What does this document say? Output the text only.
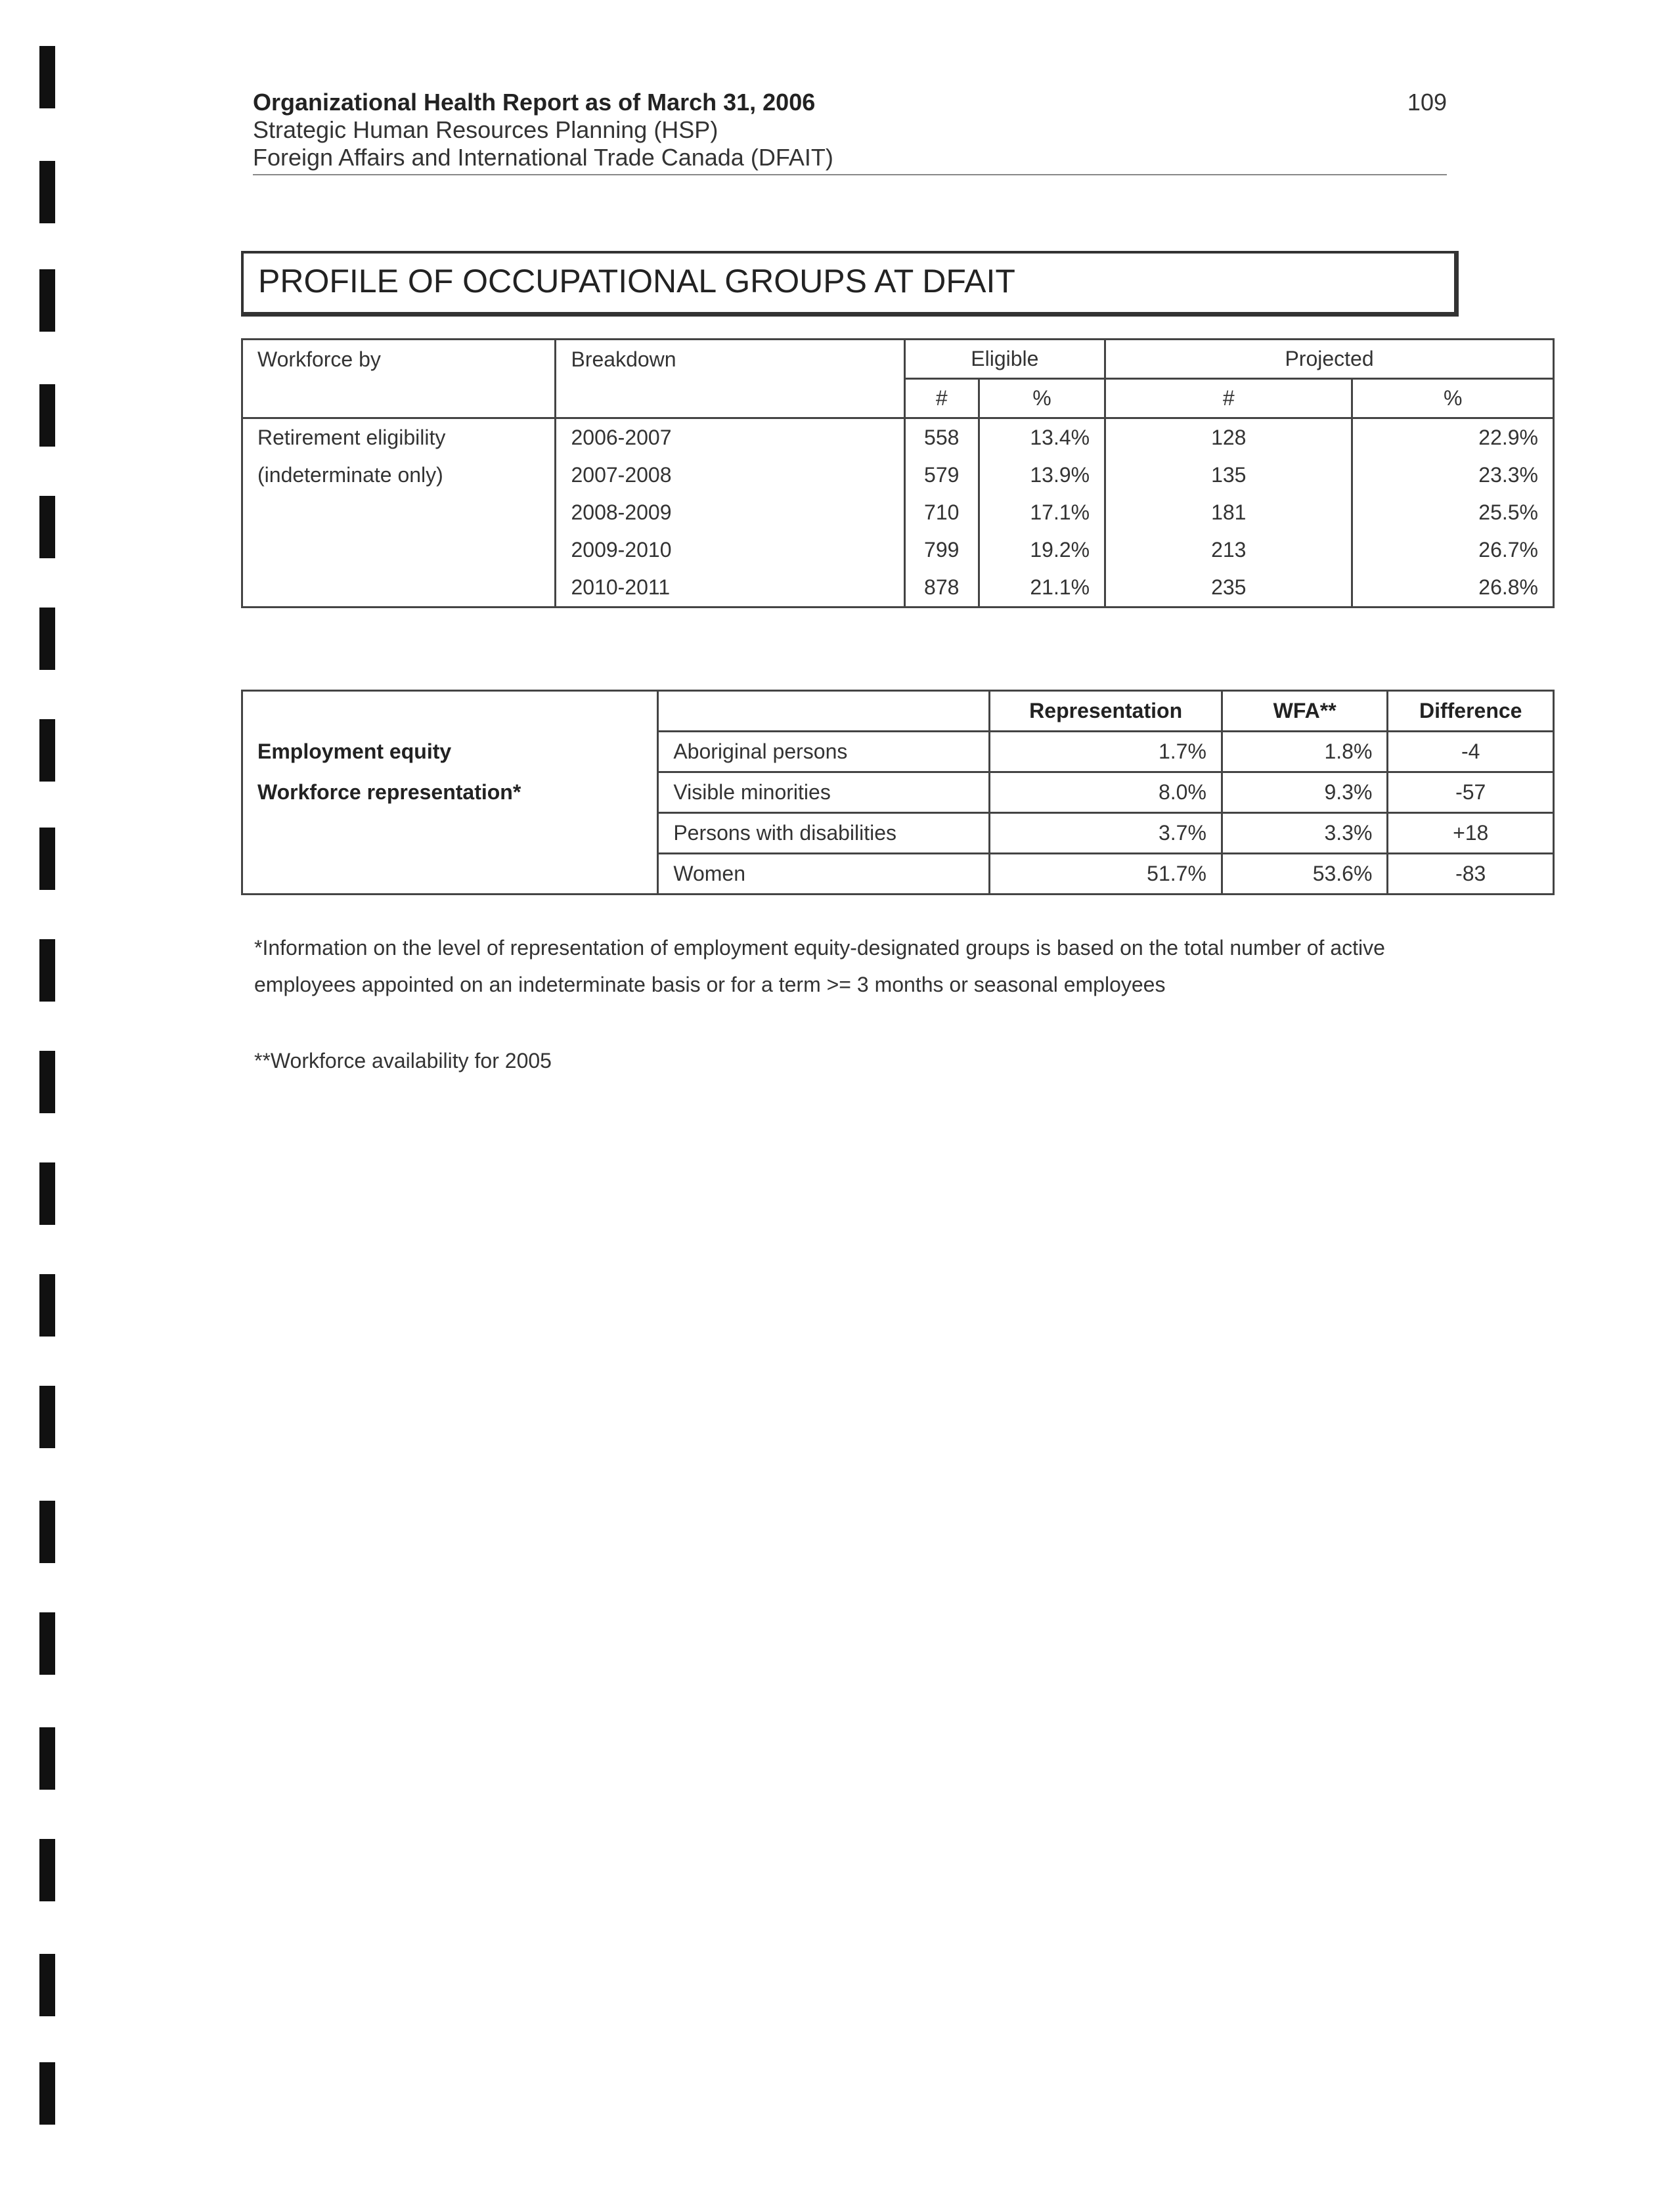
Organizational Health Report as of March 31, 2006
Strategic Human Resources Planning (HSP)
Foreign Affairs and International Trade Canada (DFAIT)
109
PROFILE OF OCCUPATIONAL GROUPS AT DFAIT
Workforce by	Breakdown	Eligible		Projected	
		#	%	#	%
Retirement eligibility	2006-2007	558	13.4%	128	22.9%
(indeterminate only)	2007-2008	579	13.9%	135	23.3%
	2008-2009	710	17.1%	181	25.5%
	2009-2010	799	19.2%	213	26.7%
	2010-2011	878	21.1%	235	26.8%
		Representation	WFA**	Difference
Employment equity	Aboriginal persons	1.7%	1.8%	-4
Workforce representation*	Visible minorities	8.0%	9.3%	-57
	Persons with disabilities	3.7%	3.3%	+18
	Women	51.7%	53.6%	-83
*Information on the level of representation of employment equity-designated groups is based on the total number of active
employees appointed on an indeterminate basis or for a term >= 3 months or seasonal employees
**Workforce availability for 2005
